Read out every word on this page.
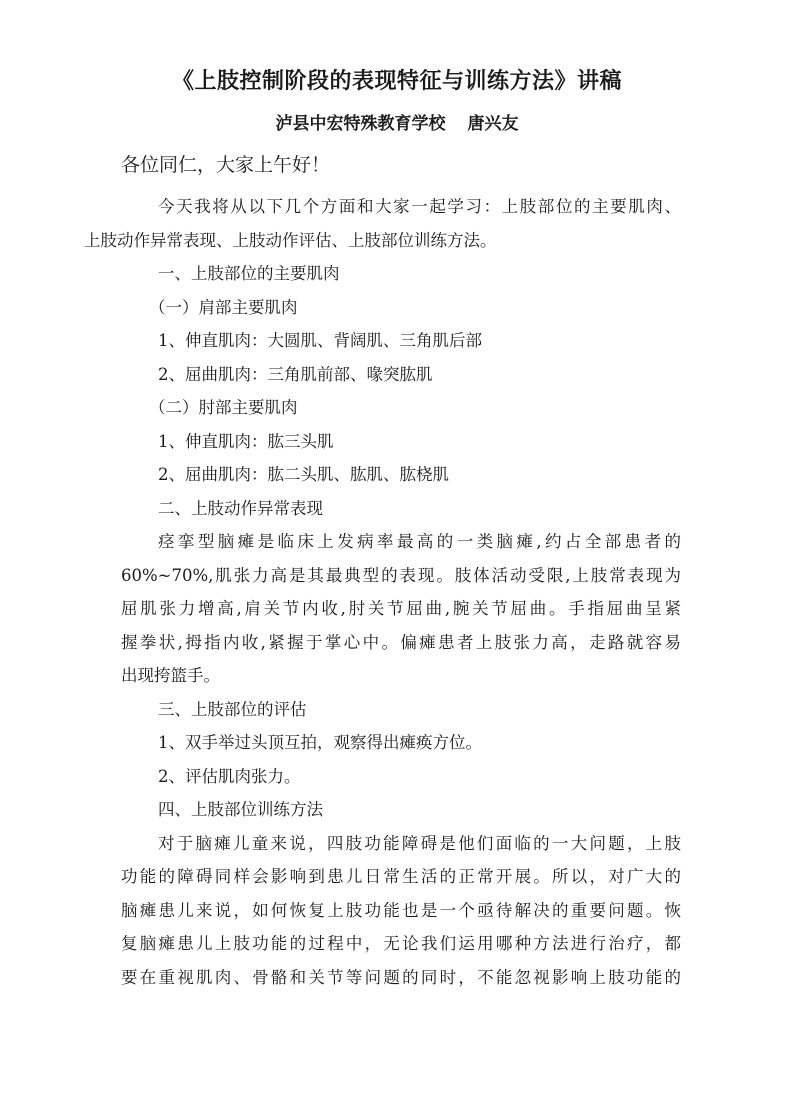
《上肢控制阶段的表现特征与训练方法》讲稿
泸县中宏特殊教育学校 唐兴友

各位同仁，大家上午好！

今天我将从以下几个方面和大家一起学习：上肢部位的主要肌肉、
上肢动作异常表现、上肢动作评估、上肢部位训练方法。

一、上肢部位的主要肌肉

（一）肩部主要肌肉

1、伸直肌肉：大圆肌、背阔肌、三角肌后部

2、屈曲肌肉：三角肌前部、喙突肱肌

（二）肘部主要肌肉

1、伸直肌肉：肱三头肌

2、屈曲肌肉：肱二头肌、肱肌、肱桡肌

二、上肢动作异常表现

痉挛型脑瘫是临床上发病率最高的一类脑瘫,约占全部患者的
60%~70%,肌张力高是其最典型的表现。肢体活动受限,上肢常表现为
屈肌张力增高,肩关节内收,肘关节屈曲,腕关节屈曲。手指屈曲呈紧
握拳状,拇指内收,紧握于掌心中。偏瘫患者上肢张力高，走路就容易
出现挎篮手。

三、上肢部位的评估

1、双手举过头顶互拍，观察得出瘫痪方位。

2、评估肌肉张力。

四、上肢部位训练方法

对于脑瘫儿童来说，四肢功能障碍是他们面临的一大问题，上肢
功能的障碍同样会影响到患儿日常生活的正常开展。所以，对广大的
脑瘫患儿来说，如何恢复上肢功能也是一个亟待解决的重要问题。恢
复脑瘫患儿上肢功能的过程中，无论我们运用哪种方法进行治疗，都
要在重视肌肉、骨骼和关节等问题的同时，不能忽视影响上肢功能的
